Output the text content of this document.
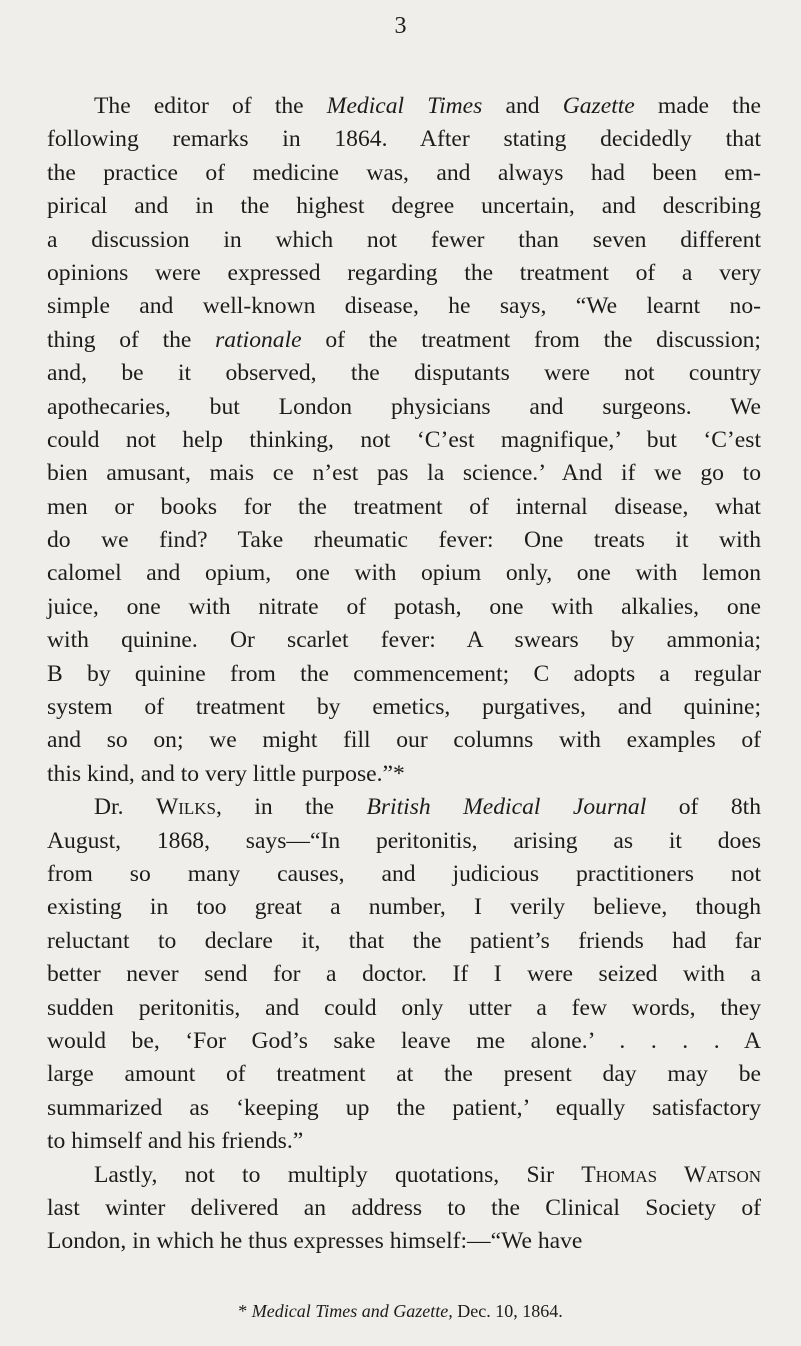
3
The editor of the Medical Times and Gazette made the
following remarks in 1864. After stating decidedly that
the practice of medicine was, and always had been em-
pirical and in the highest degree uncertain, and describing
a discussion in which not fewer than seven different
opinions were expressed regarding the treatment of a very
simple and well-known disease, he says, “We learnt no-
thing of the rationale of the treatment from the discussion;
and, be it observed, the disputants were not country
apothecaries, but London physicians and surgeons. We
could not help thinking, not ‘C’est magnifique,’ but ‘C’est
bien amusant, mais ce n’est pas la science.’ And if we go to
men or books for the treatment of internal disease, what
do we find? Take rheumatic fever: One treats it with
calomel and opium, one with opium only, one with lemon
juice, one with nitrate of potash, one with alkalies, one
with quinine. Or scarlet fever: A swears by ammonia;
B by quinine from the commencement; C adopts a regular
system of treatment by emetics, purgatives, and quinine;
and so on; we might fill our columns with examples of
this kind, and to very little purpose.”*
Dr. Wilks, in the British Medical Journal of 8th
August, 1868, says—“In peritonitis, arising as it does
from so many causes, and judicious practitioners not
existing in too great a number, I verily believe, though
reluctant to declare it, that the patient’s friends had far
better never send for a doctor. If I were seized with a
sudden peritonitis, and could only utter a few words, they
would be, ‘For God’s sake leave me alone.’ . . . . A
large amount of treatment at the present day may be
summarized as ‘keeping up the patient,’ equally satisfactory
to himself and his friends.”
Lastly, not to multiply quotations, Sir Thomas Watson
last winter delivered an address to the Clinical Society of
London, in which he thus expresses himself:—“We have
* Medical Times and Gazette, Dec. 10, 1864.
